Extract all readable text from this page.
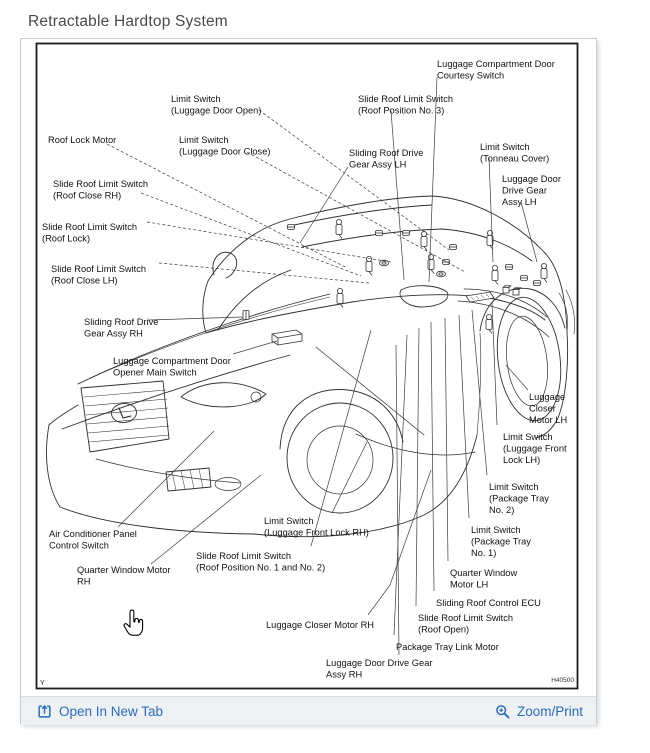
Retractable Hardtop System
Limit Switch (Luggage Door Open)
Roof Lock Motor	Limit Switch (Luggage Door Close)
Slide Roof Limit Switch (Roof Close RH)
Slide Roof Limit Switch (Roof Lock)
Slide Roof Limit Switch (Roof Close LH)
Sliding Roof Drive Gear Assy RH
Luggage Compartment Door Opener Main Switch
Air Conditioner Panel Control Switch
Quarter Window Motor RH
Luggage Compartment Door Courtesy Switch
Slide Roof Limit Switch (Roof Position No. 3)
Sliding Roof Drive Gear Assy LH
Limit Switch (Tonneau Cover)
Luggage Door Drive Gear Assy LH
Luggage Closer Motor LH
Limit Switch (Luggage Front Lock LH)
Limit Switch (Package Tray No. 2)
Limit Switch (Package Tray No. 1)
Quarter Window Motor LH
Sliding Roof Control ECU
Slide Roof Limit Switch (Roof Open)
Package Tray Link Motor
Luggage Door Drive Gear Assy RH
Limit Switch (Luggage Front Lock RH)
Slide Roof Limit Switch (Roof Position No. 1 and No. 2)
Luggage Closer Motor RH
Y	H40500
Open In New Tab	Zoom/Print
